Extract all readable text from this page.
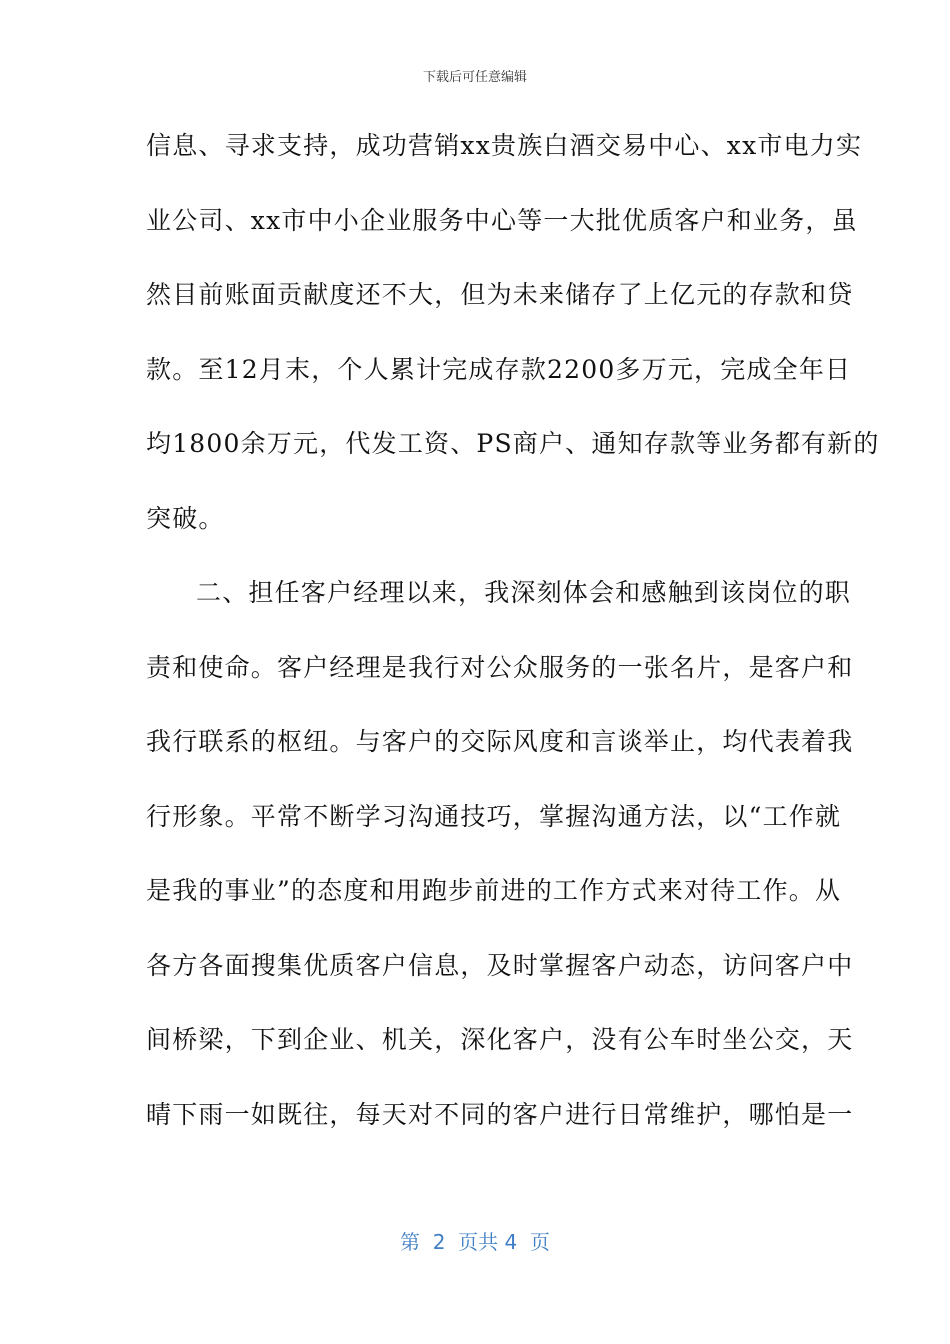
下载后可任意编辑
信息、寻求支持，成功营销xx贵族白酒交易中心、xx市电力实
业公司、xx市中小企业服务中心等一大批优质客户和业务，虽
然目前账面贡献度还不大，但为未来储存了上亿元的存款和贷
款。至12月末，个人累计完成存款2200多万元，完成全年日
均1800余万元，代发工资、PS商户、通知存款等业务都有新的
突破。
二、担任客户经理以来，我深刻体会和感触到该岗位的职
责和使命。客户经理是我行对公众服务的一张名片，是客户和
我行联系的枢纽。与客户的交际风度和言谈举止，均代表着我
行形象。平常不断学习沟通技巧，掌握沟通方法，以“工作就
是我的事业”的态度和用跑步前进的工作方式来对待工作。从
各方各面搜集优质客户信息，及时掌握客户动态，访问客户中
间桥梁，下到企业、机关，深化客户，没有公车时坐公交，天
晴下雨一如既往，每天对不同的客户进行日常维护，哪怕是一
第  2  页共 4  页
